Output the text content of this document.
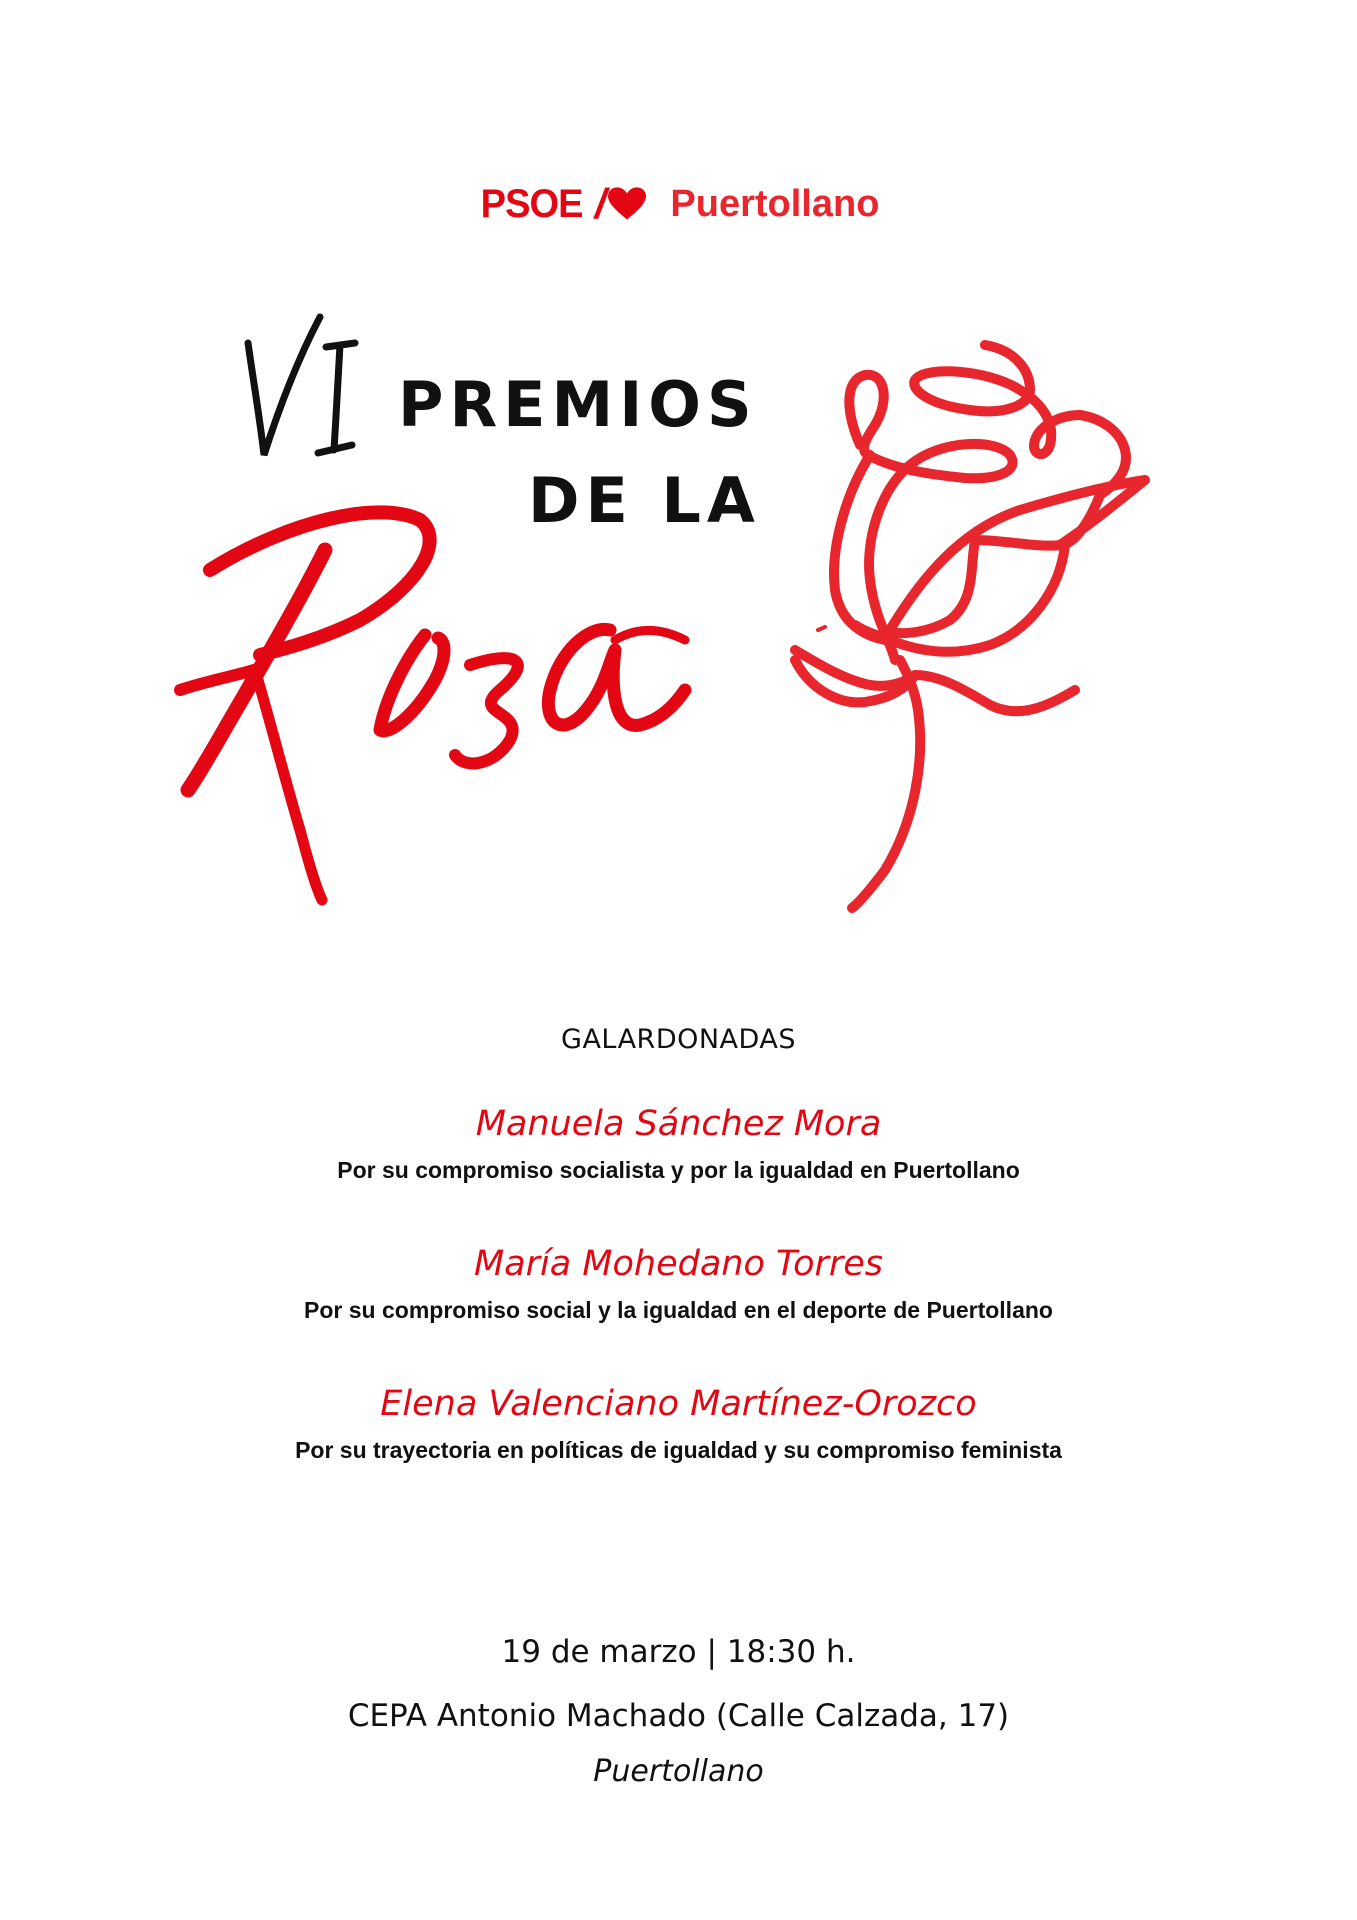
PSOE / Puertollano
PREMIOS
DE LA
GALARDONADAS
Manuela Sánchez Mora
Por su compromiso socialista y por la igualdad en Puertollano
María Mohedano Torres
Por su compromiso social y la igualdad en el deporte de Puertollano
Elena Valenciano Martínez-Orozco
Por su trayectoria en políticas de igualdad y su compromiso feminista
19 de marzo | 18:30 h.
CEPA Antonio Machado (Calle Calzada, 17)
Puertollano
